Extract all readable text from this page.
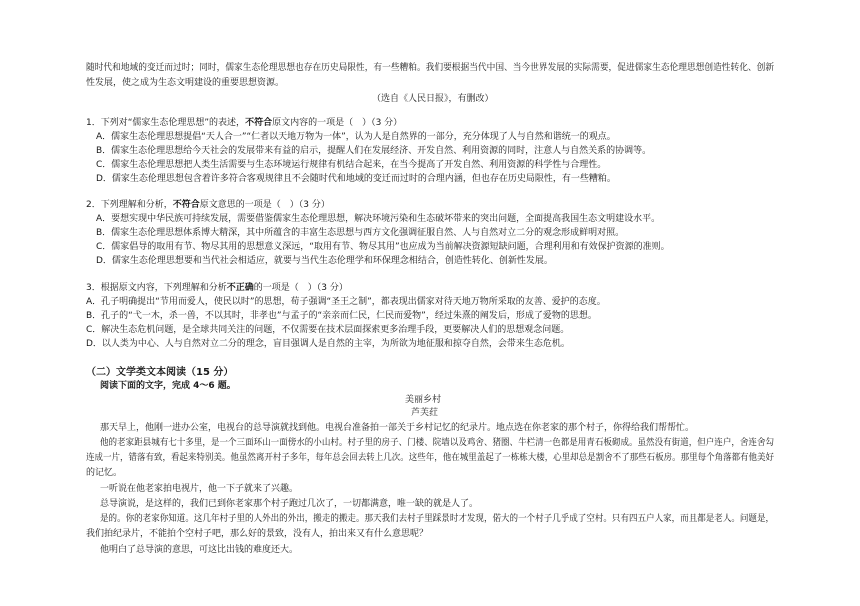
随时代和地域的变迁而过时；同时，儒家生态伦理思想也存在历史局限性，有一些糟粕。我们要根据当代中国、当今世界发展的实际需要，促进儒家生态伦理思想创造性转化、创新
性发展，使之成为生态文明建设的重要思想资源。
（选自《人民日报》，有删改）
1．下列对“儒家生态伦理思想”的表述，不符合原文内容的一项是（　）（3 分）
A．儒家生态伦理思想提倡“天人合一”“仁者以天地万物为一体”，认为人是自然界的一部分，充分体现了人与自然和谐统一的观点。
B．儒家生态伦理思想给今天社会的发展带来有益的启示，提醒人们在发展经济、开发自然、利用资源的同时，注意人与自然关系的协调等。
C．儒家生态伦理思想把人类生活需要与生态环境运行规律有机结合起来，在当今提高了开发自然、利用资源的科学性与合理性。
D．儒家生态伦理思想包含着许多符合客观规律且不会随时代和地域的变迁而过时的合理内涵，但也存在历史局限性，有一些糟粕。
2．下列理解和分析，不符合原文意思的一项是（　）（3 分）
A．要想实现中华民族可持续发展，需要借鉴儒家生态伦理思想，解决环境污染和生态破坏带来的突出问题，全面提高我国生态文明建设水平。
B．儒家生态伦理思想体系博大精深，其中所蕴含的丰富生态思想与西方文化强调征服自然、人与自然对立二分的观念形成鲜明对照。
C．儒家倡导的取用有节、物尽其用的思想意义深远，“取用有节、物尽其用”也应成为当前解决资源短缺问题，合理利用和有效保护资源的准则。
D．儒家生态伦理思想要和当代社会相适应，就要与当代生态伦理学和环保理念相结合，创造性转化、创新性发展。
3．根据原文内容，下列理解和分析不正确的一项是（　）（3 分）
A．孔子明确提出“节用而爱人，使民以时”的思想，荀子强调“圣王之制”，都表现出儒家对待天地万物所采取的友善、爱护的态度。
B．孔子的“弋一木，杀一兽，不以其时，非孝也”与孟子的“亲亲而仁民，仁民而爱物”，经过朱熹的阐发后，形成了爱物的思想。
C．解决生态危机问题，是全球共同关注的问题，不仅需要在技术层面探索更多治理手段，更要解决人们的思想观念问题。
D．以人类为中心、人与自然对立二分的理念，盲目强调人是自然的主宰，为所欲为地征服和掠夺自然，会带来生态危机。
（二）文学类文本阅读（15 分）
阅读下面的文字，完成 4～6 题。
美丽乡村
芦芙荭
那天早上，他刚一进办公室，电视台的总导演就找到他。电视台准备拍一部关于乡村记忆的纪录片。地点选在你老家的那个村子，你得给我们帮帮忙。
他的老家距县城有七十多里，是一个三面环山一面傍水的小山村。村子里的房子、门楼、院墙以及鸡舍、猪圈、牛栏清一色都是用青石板砌成。虽然没有街道，但户连户，舍连舍勾
连成一片，错落有致，看起来特别美。他虽然离开村子多年，每年总会回去转上几次。这些年，他在城里盖起了一栋栋大楼，心里却总是割舍不了那些石板房。那里每个角落都有他美好
的记忆。
一听说在他老家拍电视片，他一下子就来了兴趣。
总导演说，是这样的，我们已到你老家那个村子跑过几次了，一切都满意，唯一缺的就是人了。
是的。你的老家你知道。这几年村子里的人外出的外出，搬走的搬走。那天我们去村子里踩景时才发现，偌大的一个村子几乎成了空村。只有四五户人家，而且都是老人。问题是，
我们拍纪录片，不能拍个空村子吧，那么好的景致，没有人，拍出来又有什么意思呢？
他明白了总导演的意思，可这比出钱的难度还大。
